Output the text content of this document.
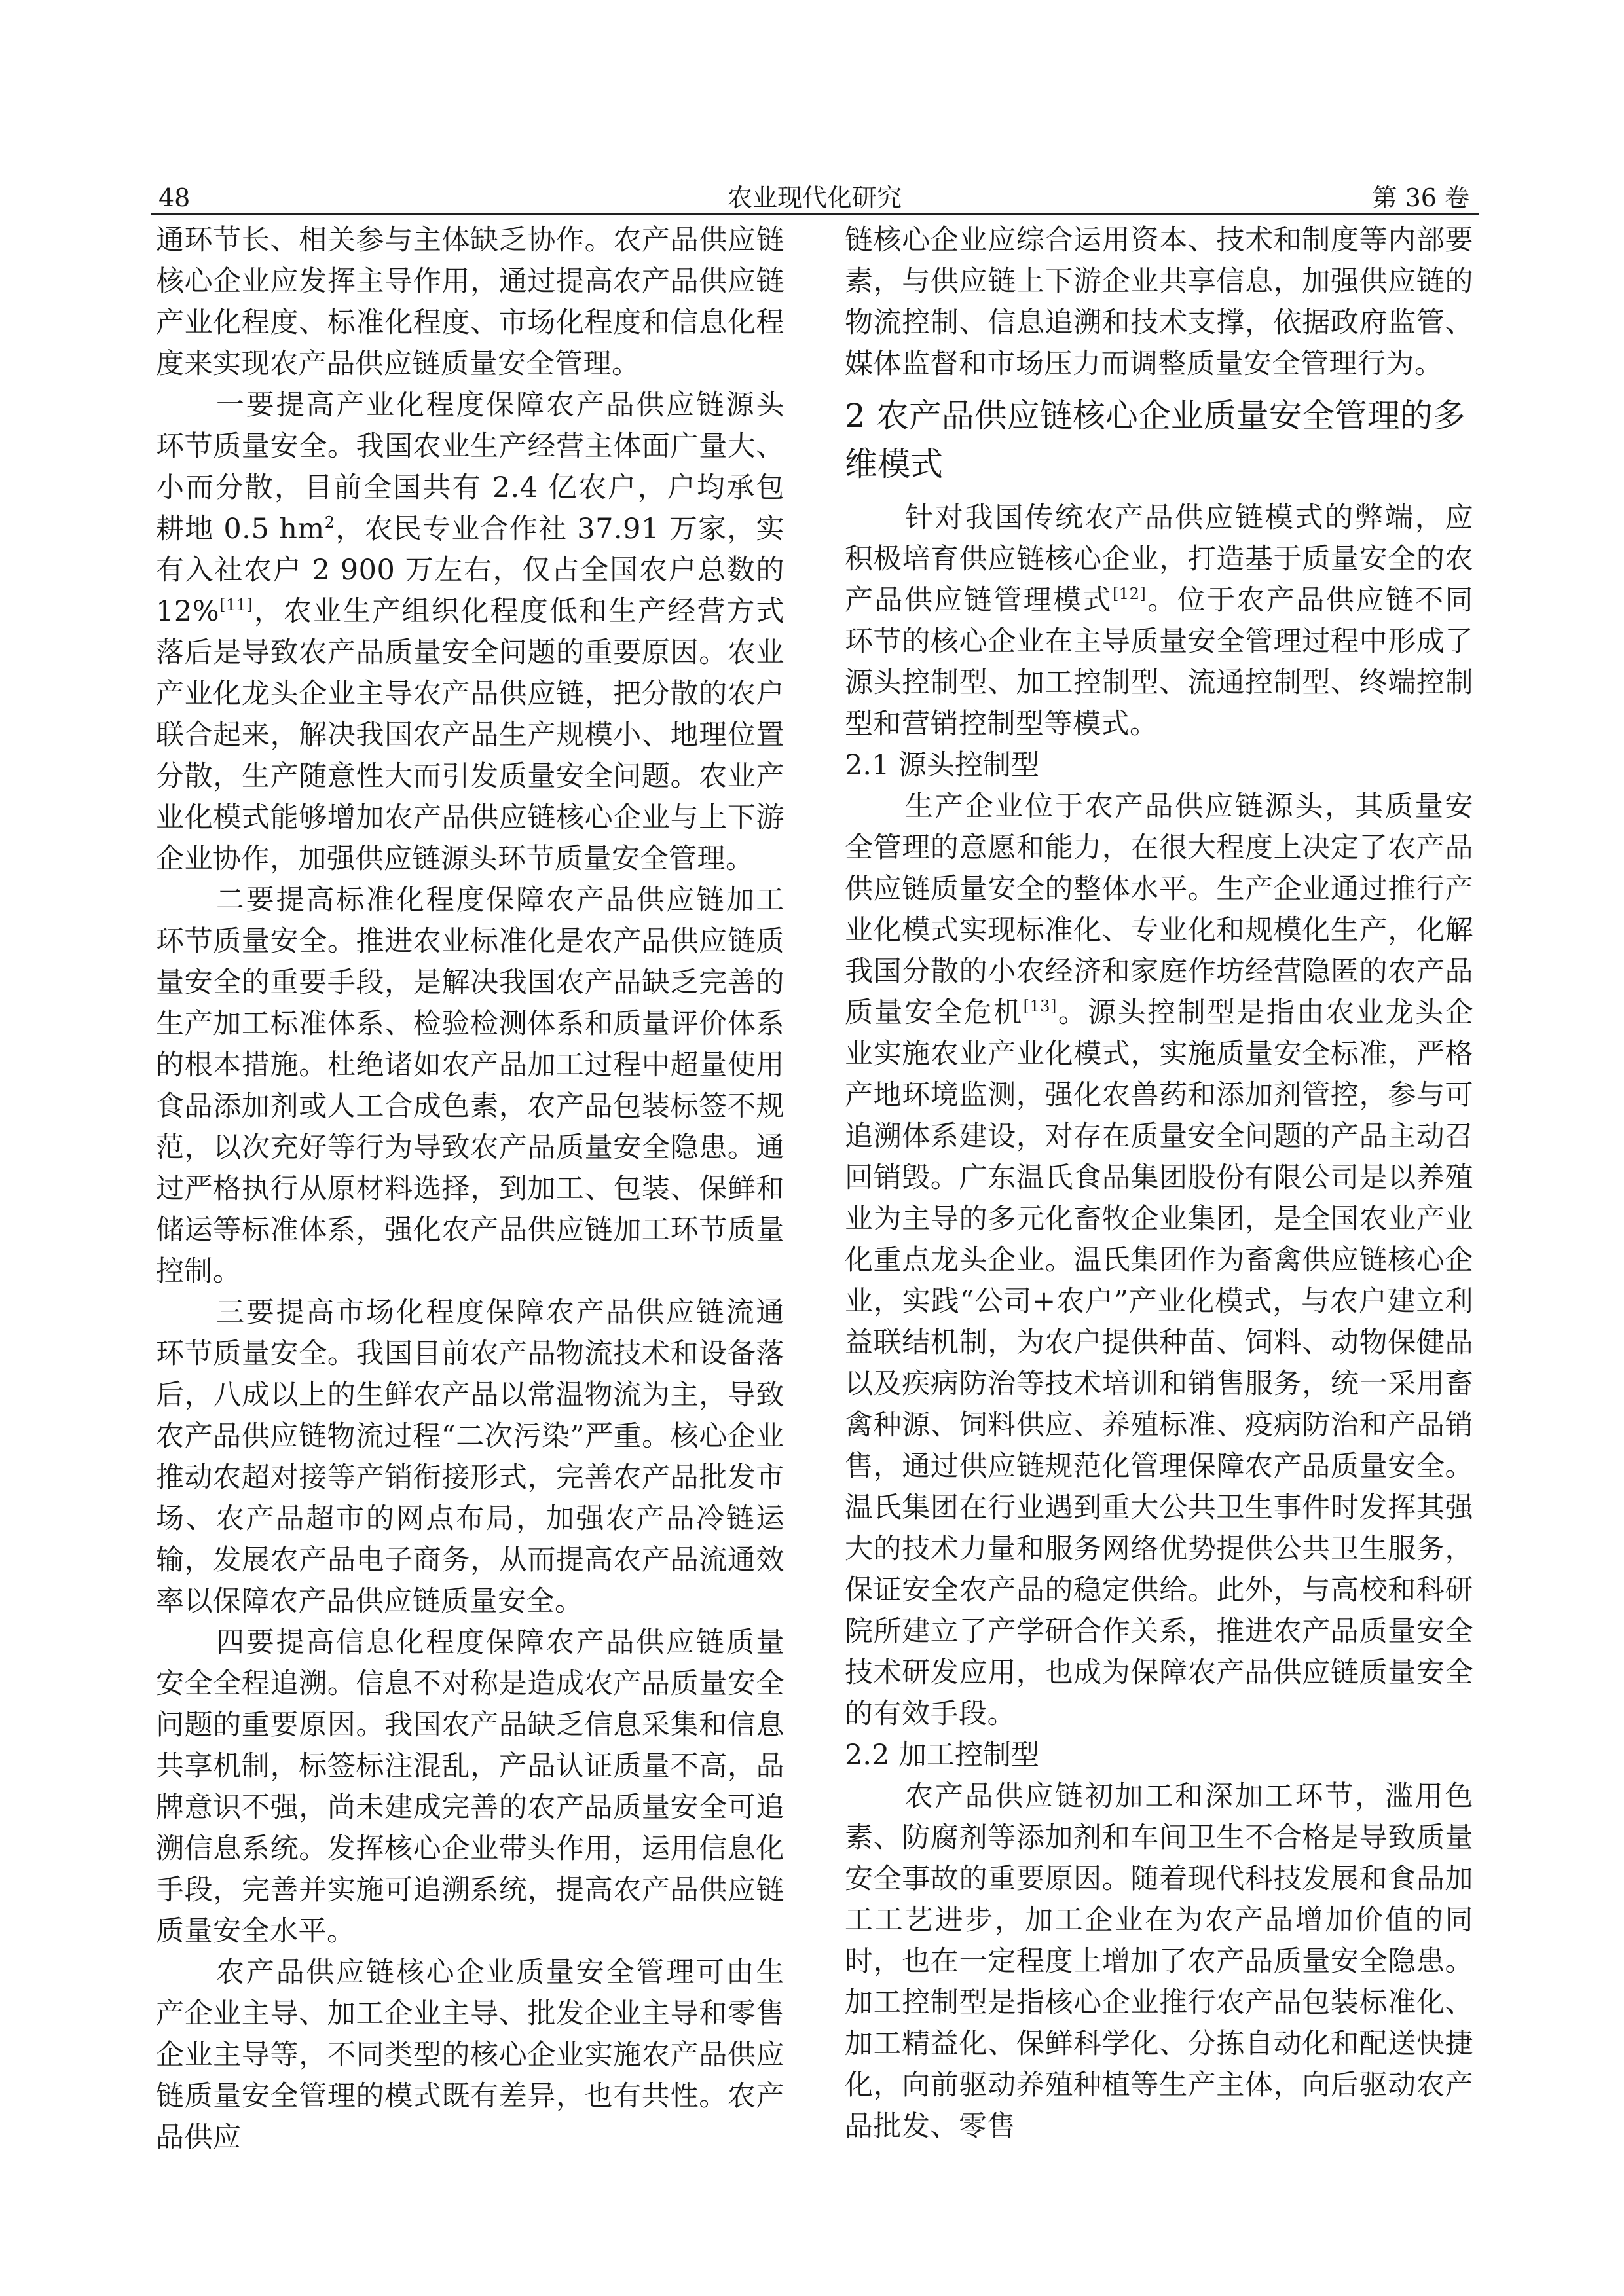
农业现代化研究
48	第 36 卷

通环节长、相关参与主体缺乏协作。农产品供应链核心企业应发挥主导作用，通过提高农产品供应链产业化程度、标准化程度、市场化程度和信息化程度来实现农产品供应链质量安全管理。

一要提高产业化程度保障农产品供应链源头环节质量安全。我国农业生产经营主体面广量大、小而分散，目前全国共有 2.4 亿农户，户均承包耕地 0.5 $hm^2$，农民专业合作社 37.91 万家，实有入社农户 2 900 万左右，仅占全国农户总数的 12%[11]，农业生产组织化程度低和生产经营方式落后是导致农产品质量安全问题的重要原因。农业产业化龙头企业主导农产品供应链，把分散的农户联合起来，解决我国农产品生产规模小、地理位置分散，生产随意性大而引发质量安全问题。农业产业化模式能够增加农产品供应链核心企业与上下游企业协作，加强供应链源头环节质量安全管理。

二要提高标准化程度保障农产品供应链加工环节质量安全。推进农业标准化是农产品供应链质量安全的重要手段，是解决我国农产品缺乏完善的生产加工标准体系、检验检测体系和质量评价体系的根本措施。杜绝诸如农产品加工过程中超量使用食品添加剂或人工合成色素，农产品包装标签不规范，以次充好等行为导致农产品质量安全隐患。通过严格执行从原材料选择，到加工、包装、保鲜和储运等标准体系，强化农产品供应链加工环节质量控制。

三要提高市场化程度保障农产品供应链流通环节质量安全。我国目前农产品物流技术和设备落后，八成以上的生鲜农产品以常温物流为主，导致农产品供应链物流过程“二次污染”严重。核心企业推动农超对接等产销衔接形式，完善农产品批发市场、农产品超市的网点布局，加强农产品冷链运输，发展农产品电子商务，从而提高农产品流通效率以保障农产品供应链质量安全。

四要提高信息化程度保障农产品供应链质量安全全程追溯。信息不对称是造成农产品质量安全问题的重要原因。我国农产品缺乏信息采集和信息共享机制，标签标注混乱，产品认证质量不高，品牌意识不强，尚未建成完善的农产品质量安全可追溯信息系统。发挥核心企业带头作用，运用信息化手段，完善并实施可追溯系统，提高农产品供应链质量安全水平。

农产品供应链核心企业质量安全管理可由生产企业主导、加工企业主导、批发企业主导和零售企业主导等，不同类型的核心企业实施农产品供应链质量安全管理的模式既有差异，也有共性。农产品供应

链核心企业应综合运用资本、技术和制度等内部要素，与供应链上下游企业共享信息，加强供应链的物流控制、信息追溯和技术支撑，依据政府监管、媒体监督和市场压力而调整质量安全管理行为。

2 农产品供应链核心企业质量安全管理的多维模式

针对我国传统农产品供应链模式的弊端，应积极培育供应链核心企业，打造基于质量安全的农产品供应链管理模式[12]。位于农产品供应链不同环节的核心企业在主导质量安全管理过程中形成了源头控制型、加工控制型、流通控制型、终端控制型和营销控制型等模式。

2.1 源头控制型

生产企业位于农产品供应链源头，其质量安全管理的意愿和能力，在很大程度上决定了农产品供应链质量安全的整体水平。生产企业通过推行产业化模式实现标准化、专业化和规模化生产，化解我国分散的小农经济和家庭作坊经营隐匿的农产品质量安全危机[13]。源头控制型是指由农业龙头企业实施农业产业化模式，实施质量安全标准，严格产地环境监测，强化农兽药和添加剂管控，参与可追溯体系建设，对存在质量安全问题的产品主动召回销毁。广东温氏食品集团股份有限公司是以养殖业为主导的多元化畜牧企业集团，是全国农业产业化重点龙头企业。温氏集团作为畜禽供应链核心企业，实践“公司+农户”产业化模式，与农户建立利益联结机制，为农户提供种苗、饲料、动物保健品以及疾病防治等技术培训和销售服务，统一采用畜禽种源、饲料供应、养殖标准、疫病防治和产品销售，通过供应链规范化管理保障农产品质量安全。温氏集团在行业遇到重大公共卫生事件时发挥其强大的技术力量和服务网络优势提供公共卫生服务，保证安全农产品的稳定供给。此外，与高校和科研院所建立了产学研合作关系，推进农产品质量安全技术研发应用，也成为保障农产品供应链质量安全的有效手段。

2.2 加工控制型

农产品供应链初加工和深加工环节，滥用色素、防腐剂等添加剂和车间卫生不合格是导致质量安全事故的重要原因。随着现代科技发展和食品加工工艺进步，加工企业在为农产品增加价值的同时，也在一定程度上增加了农产品质量安全隐患。加工控制型是指核心企业推行农产品包装标准化、加工精益化、保鲜科学化、分拣自动化和配送快捷化，向前驱动养殖种植等生产主体，向后驱动农产品批发、零售
